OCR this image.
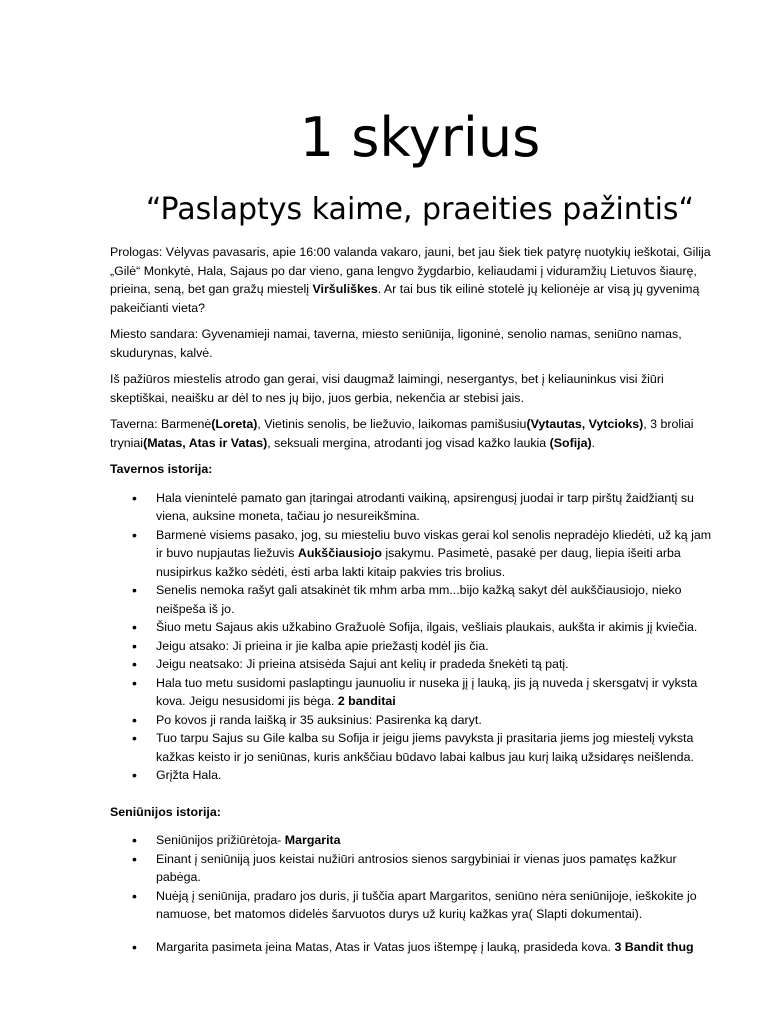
1 skyrius
“Paslaptys kaime, praeities pažintis“

Prologas: Vėlyvas pavasaris, apie 16:00 valanda vakaro, jauni, bet jau šiek tiek patyrę nuotykių ieškotai, Gilija „Gilė“ Monkytė, Hala, Sajaus po dar vieno, gana lengvo žygdarbio, keliaudami į viduramžių Lietuvos šiaurę, prieina, seną, bet gan gražų miestelį Viršuliškes. Ar tai bus tik eilinė stotelė jų kelionėje ar visą jų gyvenimą pakeičianti vieta?

Miesto sandara: Gyvenamieji namai, taverna, miesto seniūnija, ligoninė, senolio namas, seniūno namas, skudurynas, kalvė.

Iš pažiūros miestelis atrodo gan gerai, visi daugmaž laimingi, nesergantys, bet į keliauninkus visi žiūri skeptiškai, neaišku ar dėl to nes jų bijo, juos gerbia, nekenčia ar stebisi jais.

Taverna: Barmenė(Loreta), Vietinis senolis, be liežuvio, laikomas pamišusiu(Vytautas, Vytcioks), 3 broliai tryniai(Matas, Atas ir Vatas), seksuali mergina, atrodanti jog visad kažko laukia (Sofija).

Tavernos istorija:
• Hala vienintelė pamato gan įtaringai atrodanti vaikiną, apsirengusį juodai ir tarp pirštų žaidžiantį su viena, auksine moneta, tačiau jo nesureikšmina.
• Barmenė visiems pasako, jog, su miesteliu buvo viskas gerai kol senolis nepradėjo kliedėti, už ką jam ir buvo nupjautas liežuvis Aukščiausiojo įsakymu. Pasimetė, pasakė per daug, liepia išeiti arba nusipirkus kažko sėdėti, ėsti arba lakti kitaip pakvies tris brolius.
• Senelis nemoka rašyt gali atsakinėt tik mhm arba mm...bijo kažką sakyt dėl aukščiausiojo, nieko neišpeša iš jo.
• Šiuo metu Sajaus akis užkabino Gražuolė Sofija, ilgais, vešliais plaukais, aukšta ir akimis jį kviečia.
• Jeigu atsako: Ji prieina ir jie kalba apie priežastį kodėl jis čia.
• Jeigu neatsako: Ji prieina atsisėda Sajui ant kelių ir pradeda šnekėti tą patį.
• Hala tuo metu susidomi paslaptingu jaunuoliu ir nuseka jį į lauką, jis ją nuveda į skersgatvį ir vyksta kova. Jeigu nesusidomi jis bėga. 2 banditai
• Po kovos ji randa laišką ir 35 auksinius: Pasirenka ką daryt.
• Tuo tarpu Sajus su Gile kalba su Sofija ir jeigu jiems pavyksta ji prasitaria jiems jog miestelį vyksta kažkas keisto ir jo seniūnas, kuris ankščiau būdavo labai kalbus jau kurį laiką užsidaręs neišlenda.
• Grįžta Hala.
Seniūnijos istorija:
• Seniūnijos prižiūrėtoja- Margarita
• Einant į seniūniją juos keistai nužiūri antrosios sienos sargybiniai ir vienas juos pamatęs kažkur pabėga.
• Nuėją į seniūnija, pradaro jos duris, ji tuščia apart Margaritos, seniūno nėra seniūnijoje, ieškokite jo namuose, bet matomos didelės šarvuotos durys už kurių kažkas yra( Slapti dokumentai).
• Margarita pasimeta įeina Matas, Atas ir Vatas juos ištempę į lauką, prasideda kova. 3 Bandit thug
